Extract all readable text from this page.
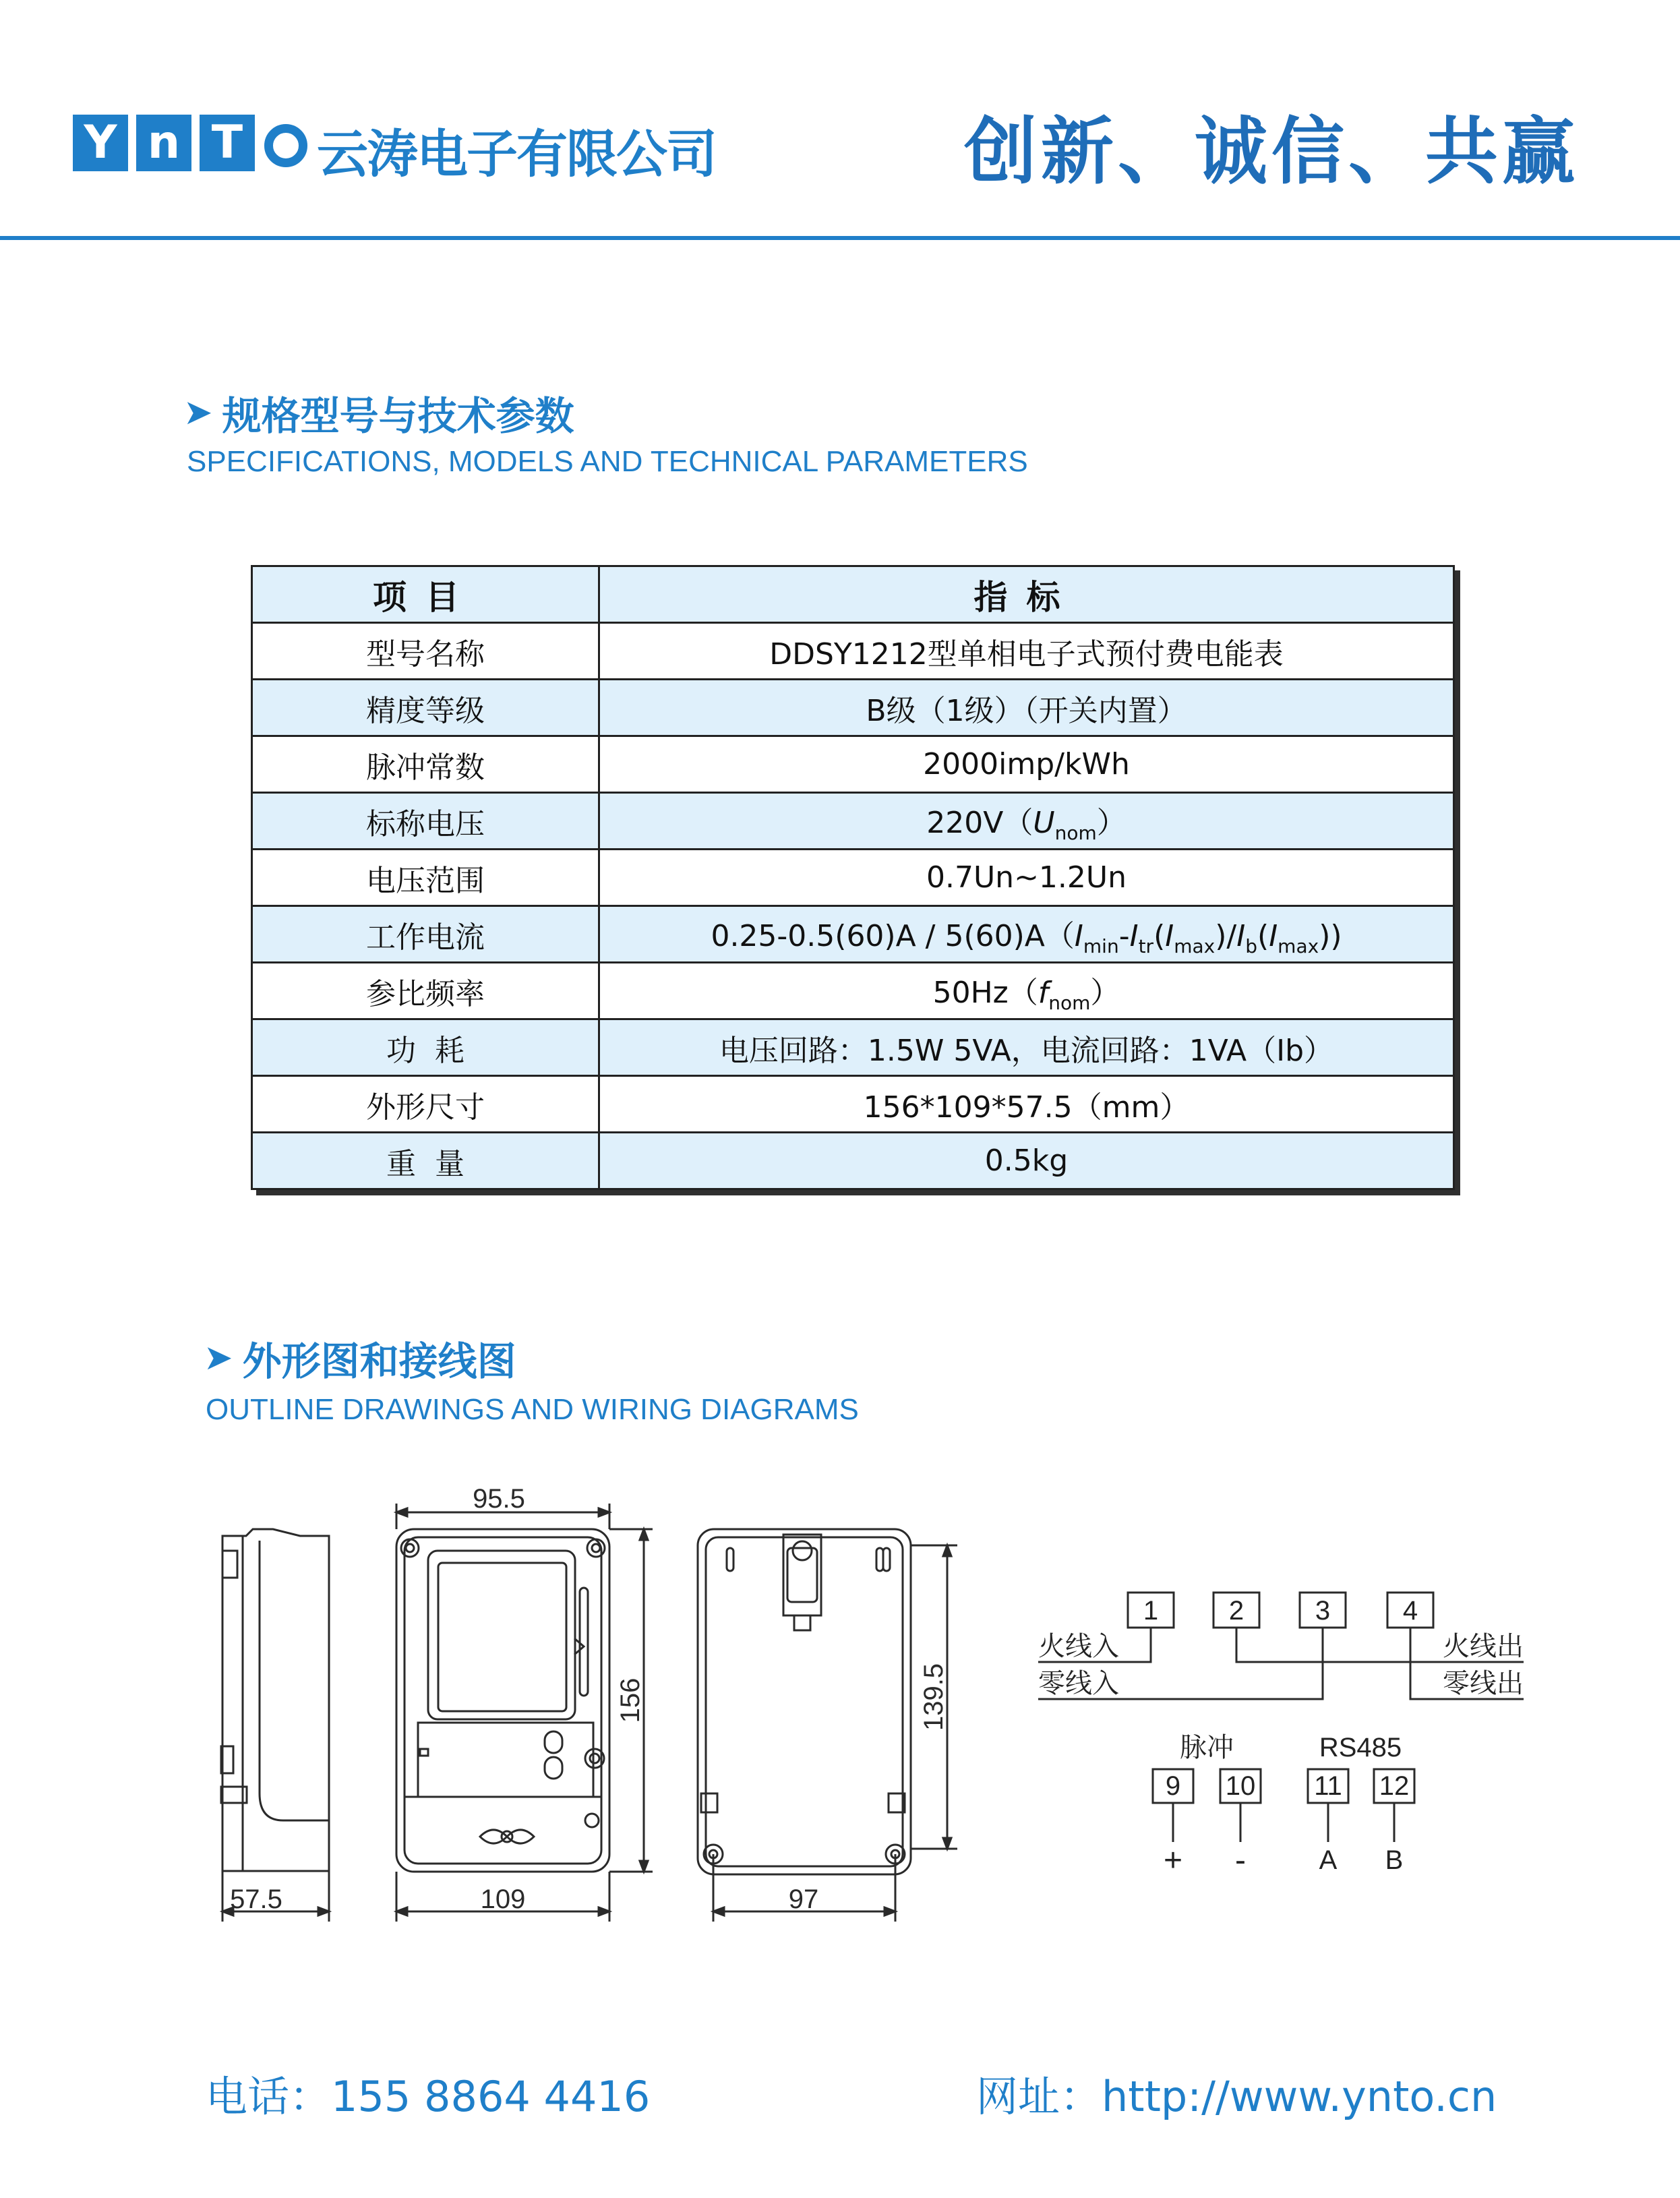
Y n T 云涛电子有限公司	创新、诚信、共赢
➤ 规格型号与技术参数
SPECIFICATIONS, MODELS AND TECHNICAL PARAMETERS
项目	指标
型号名称	DDSY1212型单相电子式预付费电能表
精度等级	B级（1级）（开关内置）
脉冲常数	2000imp/kWh
标称电压	$220V(U_{nom})$
电压范围	0.7Un~1.2Un
工作电流	$0.25-0.5(60)A / 5(60)A(I_{min}-I_{tr}(I_{max})/I_b(I_{max}))$
参比频率	$50Hz(f_{nom})$
功  耗	电压回路：1.5W 5VA，电流回路：1VA（Ib）
外形尺寸	156*109*57.5（mm）
重  量	0.5kg
➤ 外形图和接线图
OUTLINE DRAWINGS AND WIRING DIAGRAMS
57.5
95.5
156
109
139.5
97
1	2	3	4
火线入
零线入
火线出
零线出
脉冲	RS485
9 10 11 12
+ -	A B
电话：155 8864 4416	网址：http://www.ynto.cn
